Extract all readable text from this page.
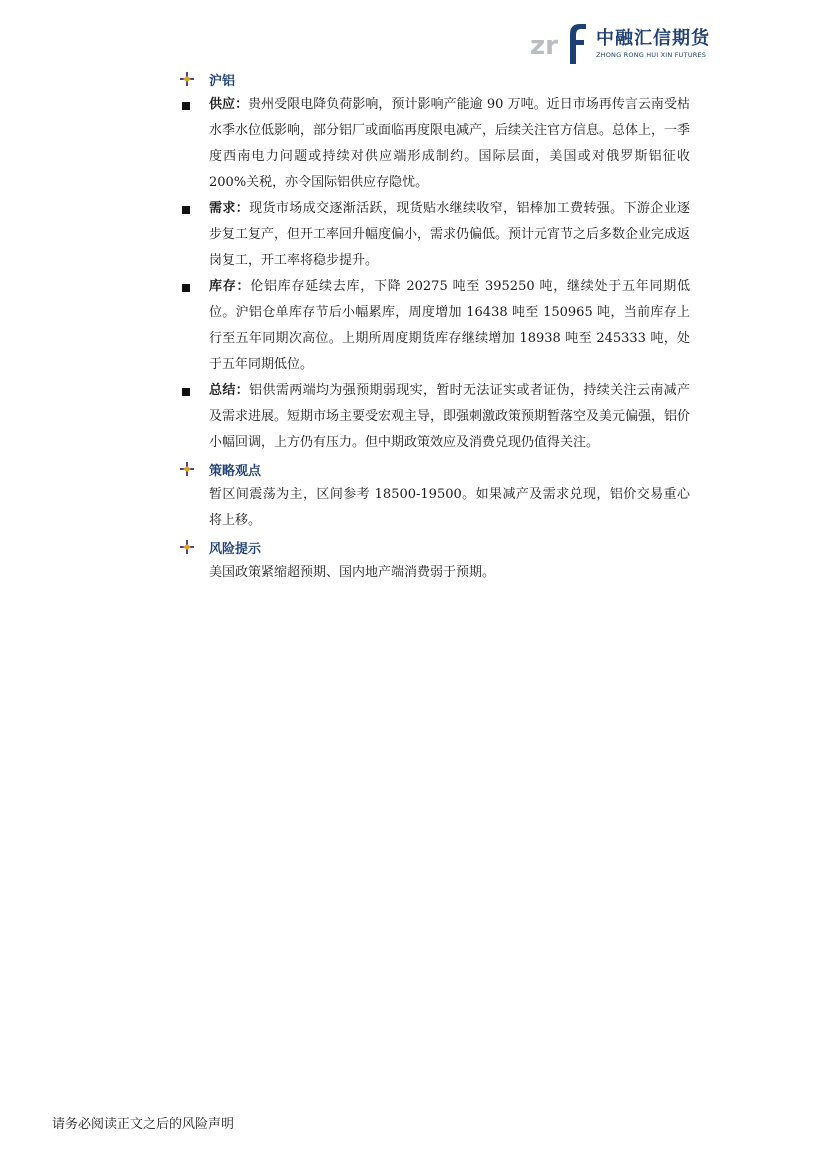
zr 中融汇信期货
ZHONG RONG HUI XIN FUTURES
沪铝
供应：贵州受限电降负荷影响，预计影响产能逾 90 万吨。近日市场再传言云南受枯水季水位低影响，部分铝厂或面临再度限电减产，后续关注官方信息。总体上，一季度西南电力问题或持续对供应端形成制约。国际层面，美国或对俄罗斯铝征收 200%关税，亦令国际铝供应存隐忧。
需求：现货市场成交逐渐活跃，现货贴水继续收窄，铝棒加工费转强。下游企业逐步复工复产，但开工率回升幅度偏小，需求仍偏低。预计元宵节之后多数企业完成返岗复工，开工率将稳步提升。
库存：伦铝库存延续去库，下降 20275 吨至 395250 吨，继续处于五年同期低位。沪铝仓单库存节后小幅累库，周度增加 16438 吨至 150965 吨，当前库存上行至五年同期次高位。上期所周度期货库存继续增加 18938 吨至 245333 吨，处于五年同期低位。
总结：铝供需两端均为强预期弱现实，暂时无法证实或者证伪，持续关注云南减产及需求进展。短期市场主要受宏观主导，即强刺激政策预期暂落空及美元偏强，铝价小幅回调，上方仍有压力。但中期政策效应及消费兑现仍值得关注。
策略观点
暂区间震荡为主，区间参考 18500-19500。如果减产及需求兑现，铝价交易重心将上移。
风险提示
美国政策紧缩超预期、国内地产端消费弱于预期。
请务必阅读正文之后的风险声明
